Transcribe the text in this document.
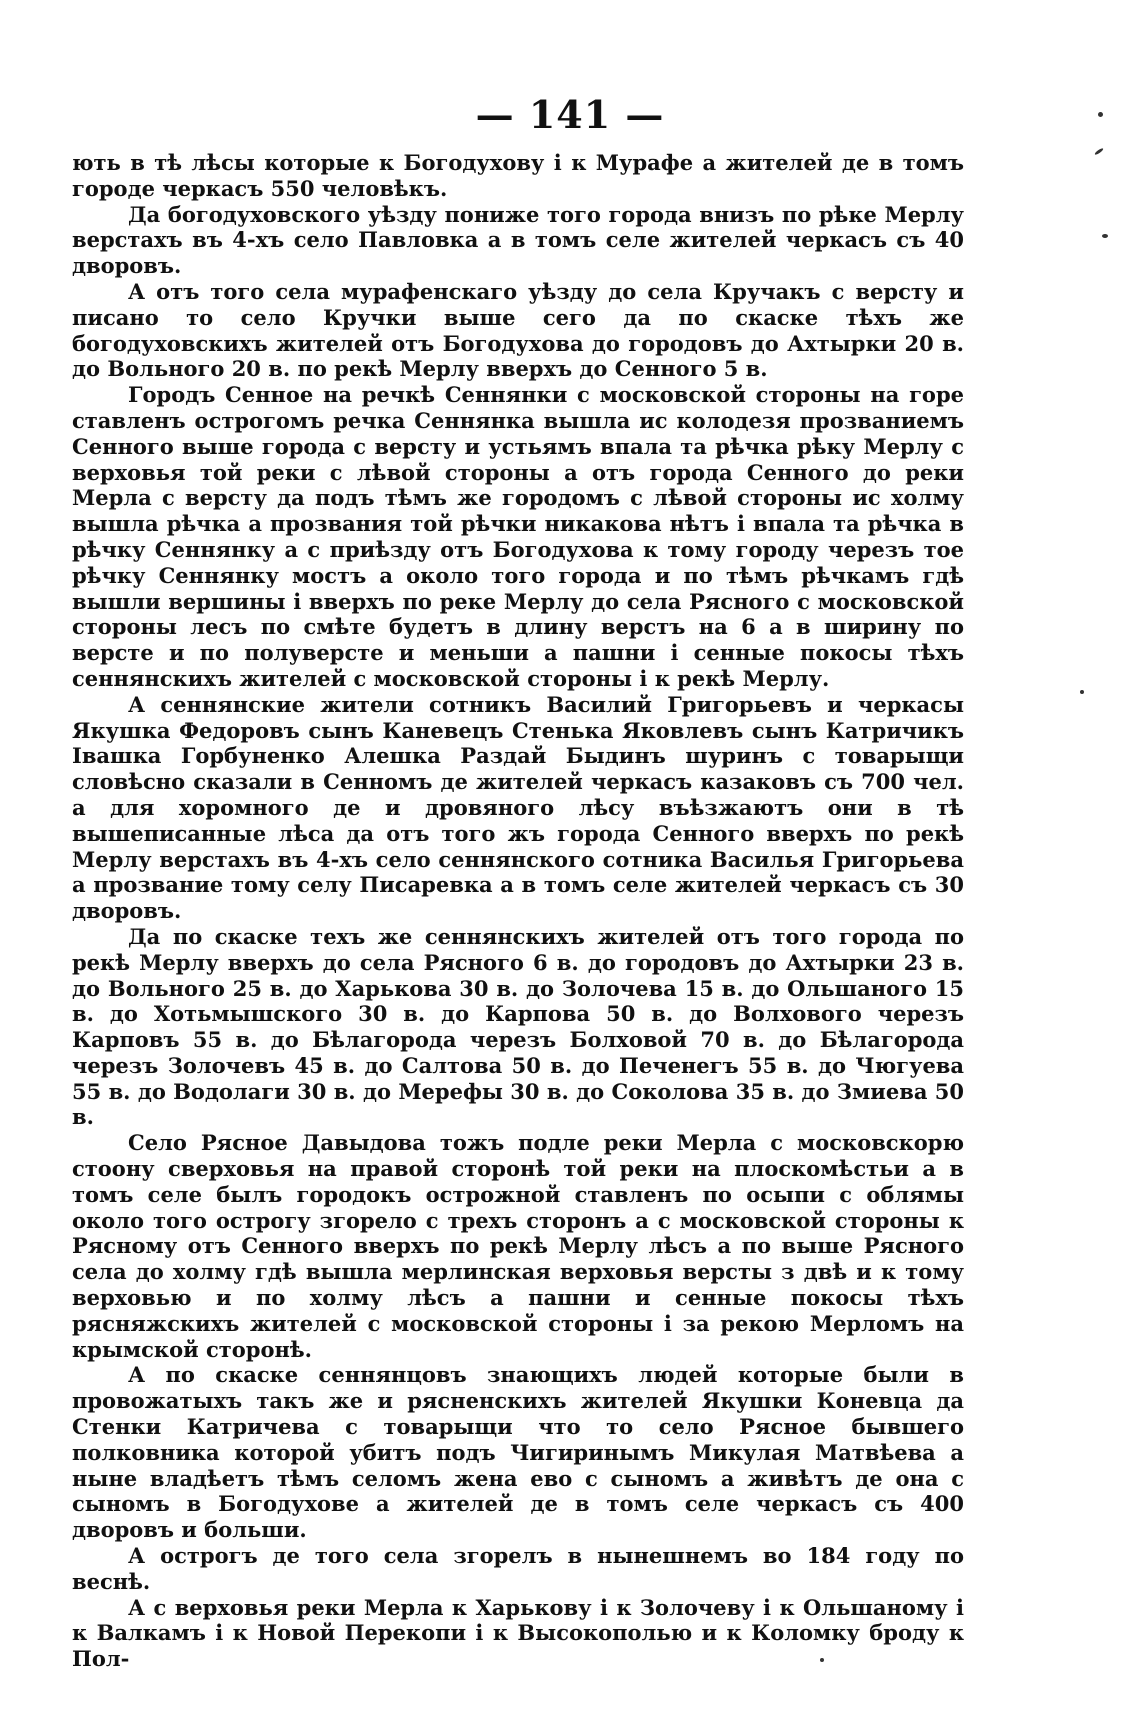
— 141 —

ють в тѣ лѣсы которые к Богодухову і к Мурафе а жителей де в томъ городе черкасъ 550 человѣкъ.

Да богодуховского уѣзду пониже того города внизъ по рѣке Мерлу верстахъ въ 4-хъ село Павловка а в томъ селе жителей черкасъ съ 40 дворовъ.

А отъ того села мурафенскаго уѣзду до села Кручакъ с версту и писано то село Кручки выше сего да по скаске тѣхъ же богодуховскихъ жителей отъ Богодухова до городовъ до Ахтырки 20 в. до Вольного 20 в. по рекѣ Мерлу вверхъ до Сенного 5 в.

Городъ Сенное на речкѣ Сеннянки с московской стороны на горе ставленъ острогомъ речка Сеннянка вышла ис колодезя прозваниемъ Сенного выше города с версту и устьямъ впала та рѣчка рѣку Мерлу с верховья той реки с лѣвой стороны а отъ города Сенного до реки Мерла с версту да подъ тѣмъ же городомъ с лѣвой стороны ис холму вышла рѣчка а прозвания той рѣчки никакова нѣтъ і впала та рѣчка в рѣчку Сеннянку а с приѣзду отъ Богодухова к тому городу черезъ тое рѣчку Сеннянку мостъ а около того города и по тѣмъ рѣчкамъ гдѣ вышли вершины і вверхъ по реке Мерлу до села Рясного с московской стороны лесъ по смѣте будетъ в длину верстъ на 6 а в ширину по версте и по полуверсте и меньши а пашни і сенные покосы тѣхъ сеннянскихъ жителей с московской стороны і к рекѣ Мерлу.

А сеннянские жители сотникъ Василий Григорьевъ и черкасы Якушка Федоровъ сынъ Каневецъ Стенька Яковлевъ сынъ Катричикъ Івашка Горбуненко Алешка Раздай Быдинъ шуринъ с товарыщи словѣсно сказали в Сенномъ де жителей черкасъ казаковъ съ 700 чел. а для хоромного де и дровяного лѣсу въѣзжаютъ они в тѣ вышеписанные лѣса да отъ того жъ города Сенного вверхъ по рекѣ Мерлу верстахъ въ 4-хъ село сеннянского сотника Василья Григорьева а прозвание тому селу Писаревка а в томъ селе жителей черкасъ съ 30 дворовъ.

Да по скаске техъ же сеннянскихъ жителей отъ того города по рекѣ Мерлу вверхъ до села Рясного 6 в. до городовъ до Ахтырки 23 в. до Вольного 25 в. до Харькова 30 в. до Золочева 15 в. до Ольшаного 15 в. до Хотьмышского 30 в. до Карпова 50 в. до Волхового черезъ Карповъ 55 в. до Бѣлагорода черезъ Болховой 70 в. до Бѣлагорода черезъ Золочевъ 45 в. до Салтова 50 в. до Печенегъ 55 в. до Чюгуева 55 в. до Водолаги 30 в. до Мерефы 30 в. до Соколова 35 в. до Змиева 50 в.

Село Рясное Давыдова тожъ подле реки Мерла с московскорю стоону сверховья на правой сторонѣ той реки на плоскомѣстьи а в томъ селе былъ городокъ острожной ставленъ по осыпи с облямы около того острогу згорело с трехъ сторонъ а с московской стороны к Рясному отъ Сенного вверхъ по рекѣ Мерлу лѣсъ а по выше Рясного села до холму гдѣ вышла мерлинская верховья версты з двѣ и к тому верховью и по холму лѣсъ а пашни и сенные покосы тѣхъ рясняжскихъ жителей с московской стороны і за рекою Мерломъ на крымской сторонѣ.

А по скаске сеннянцовъ знающихъ людей которые были в провожатыхъ такъ же и рясненскихъ жителей Якушки Коневца да Стенки Катричева с товарыщи что то село Рясное бывшего полковника которой убитъ подъ Чигиринымъ Микулая Матвѣева а ныне владѣетъ тѣмъ селомъ жена ево с сыномъ а живѣтъ де она с сыномъ в Богодухове а жителей де в томъ селе черкасъ съ 400 дворовъ и больши.

А острогъ де того села згорелъ в нынешнемъ во 184 году по веснѣ.

А с верховья реки Мерла к Харькову і к Золочеву і к Ольшаному і к Валкамъ і к Новой Перекопи і к Высокополью и к Коломку броду к Пол-
